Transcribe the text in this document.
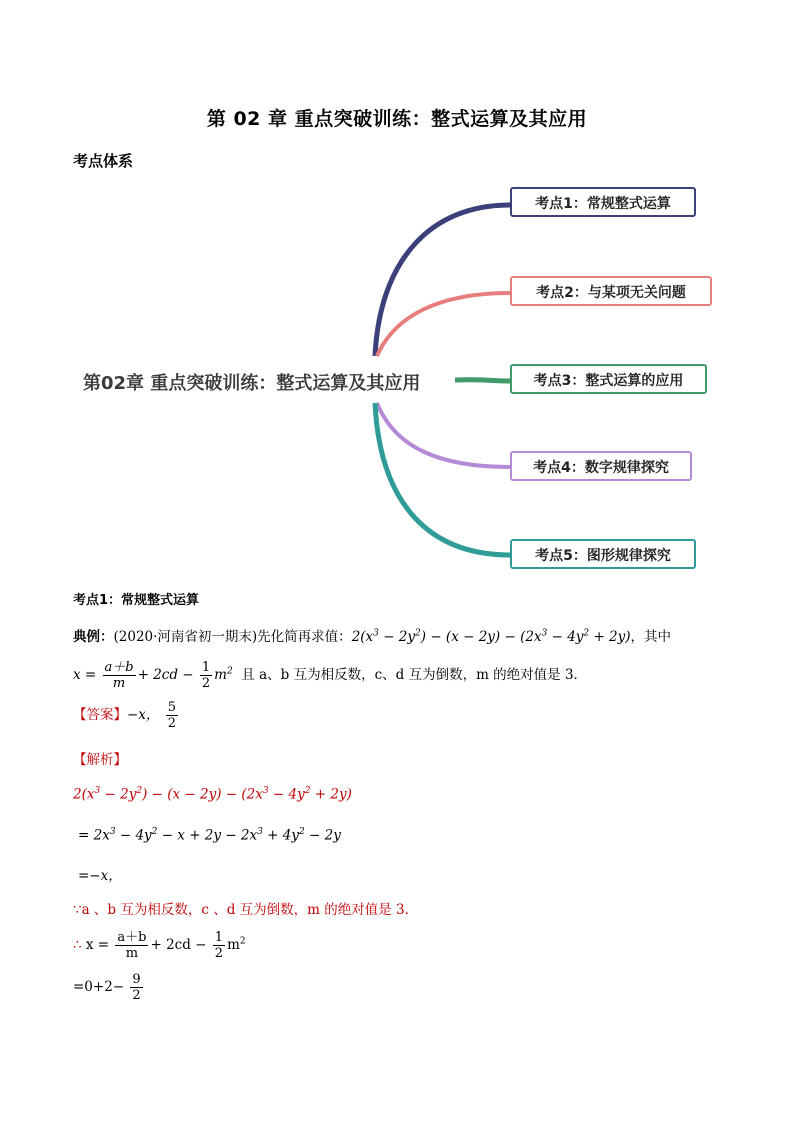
第 02 章 重点突破训练：整式运算及其应用
考点体系
第02章 重点突破训练：整式运算及其应用
考点1：常规整式运算
考点2：与某项无关问题
考点3：整式运算的应用
考点4：数字规律探究
考点5：图形规律探究
考点1：常规整式运算
典例：(2020·河南省初一期末)先化简再求值：$2(x^3 - 2y^2) - (x - 2y) - (2x^3 - 4y^2 + 2y)$，其中
$x = \frac{a+b}{m} + 2cd - \frac{1}{2} m^2$ 且 a、b 互为相反数，c、d 互为倒数，m 的绝对值是 3．
【答案】−x， $\frac{5}{2}$
【解析】
$2(x^3 - 2y^2) - (x - 2y) - (2x^3 - 4y^2 + 2y)$
= $2x^3 - 4y^2 - x + 2y - 2x^3 + 4y^2 - 2y$
=−x，
∵a 、b 互为相反数，c 、d 互为倒数，m 的绝对值是 3．
∴ $x = \frac{a+b}{m} + 2cd - \frac{1}{2} m^2$
$=0+2- \frac{9}{2}$
